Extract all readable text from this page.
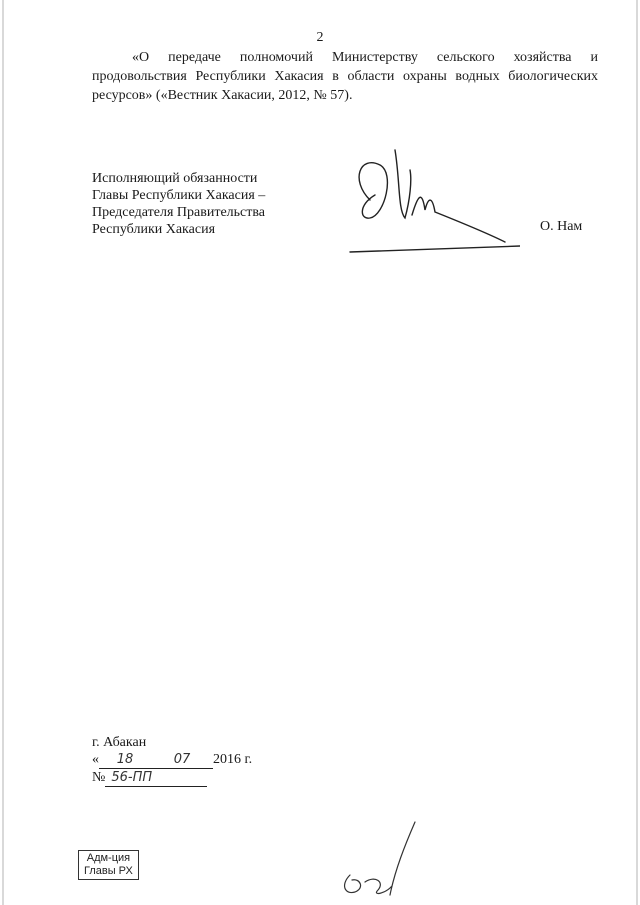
2

«О передаче полномочий Министерству сельского хозяйства и продовольствия Республики Хакасия в области охраны водных биологических ресурсов» («Вестник Хакасии, 2012, № 57).

Исполняющий обязанности
Главы Республики Хакасия –
Председателя Правительства
Республики Хакасия	О. Нам
г. Абакан
« 18	07 2016 г.
№ 56-ПП
Адм-ция
Главы РХ
